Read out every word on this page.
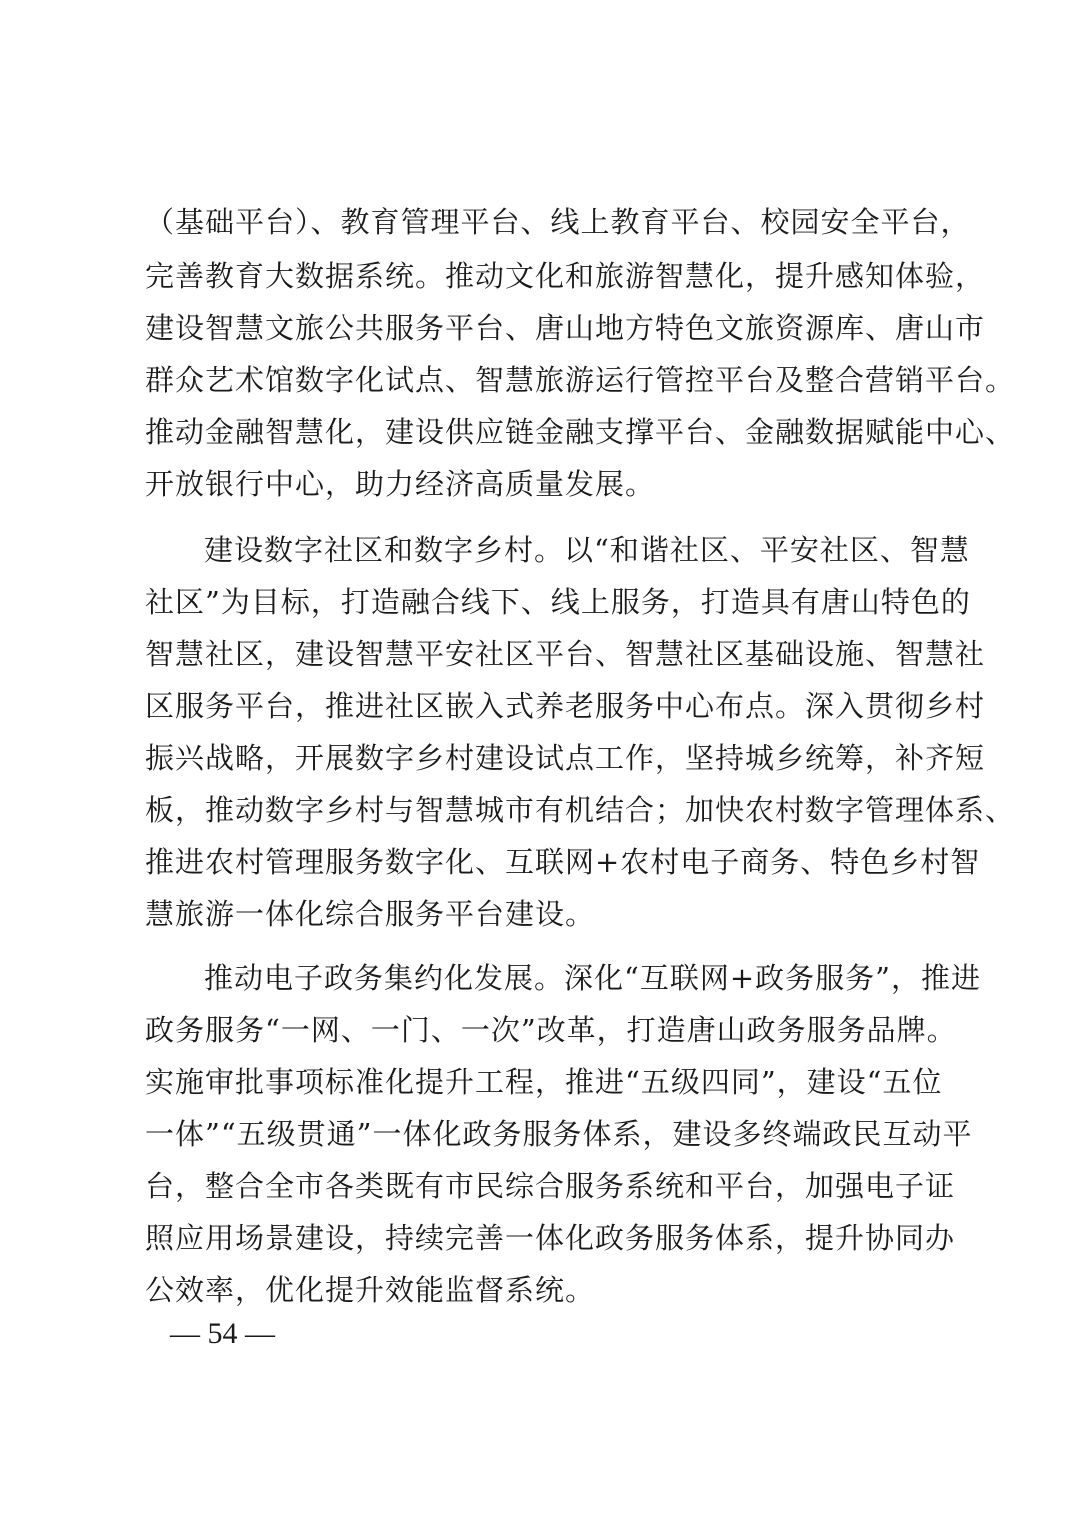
（基础平台）、教育管理平台、线上教育平台、校园安全平台，

完善教育大数据系统。推动文化和旅游智慧化，提升感知体验，

建设智慧文旅公共服务平台、唐山地方特色文旅资源库、唐山市

群众艺术馆数字化试点、智慧旅游运行管控平台及整合营销平台。

推动金融智慧化，建设供应链金融支撑平台、金融数据赋能中心、

开放银行中心，助力经济高质量发展。

建设数字社区和数字乡村。以“和谐社区、平安社区、智慧

社区”为目标，打造融合线下、线上服务，打造具有唐山特色的

智慧社区，建设智慧平安社区平台、智慧社区基础设施、智慧社

区服务平台，推进社区嵌入式养老服务中心布点。深入贯彻乡村

振兴战略，开展数字乡村建设试点工作，坚持城乡统筹，补齐短

板，推动数字乡村与智慧城市有机结合；加快农村数字管理体系、

推进农村管理服务数字化、互联网+农村电子商务、特色乡村智

慧旅游一体化综合服务平台建设。

推动电子政务集约化发展。深化“互联网+政务服务”，推进

政务服务“一网、一门、一次”改革，打造唐山政务服务品牌。

实施审批事项标准化提升工程，推进“五级四同”，建设“五位

一体”“五级贯通”一体化政务服务体系，建设多终端政民互动平

台，整合全市各类既有市民综合服务系统和平台，加强电子证

照应用场景建设，持续完善一体化政务服务体系，提升协同办

公效率，优化提升效能监督系统。

— 54 —
